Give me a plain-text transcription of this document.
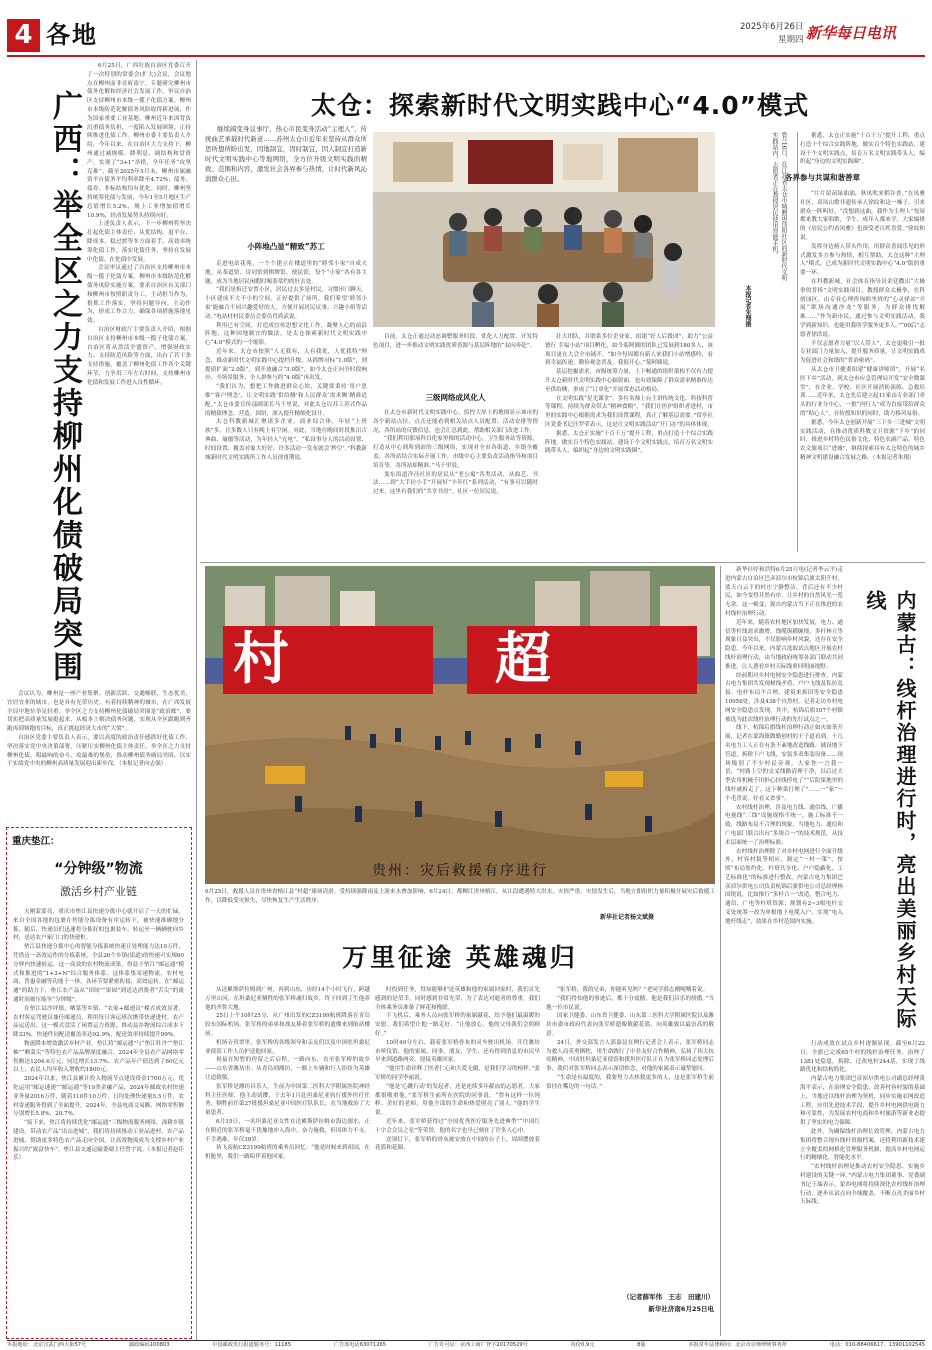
4 各地	2025年6月26日
星期四 新华每日电讯
广西：举全区之力支持柳州化债破局突围

6月25日，广西壮族自治区党委召开了一次特别的常委会(扩大)会议，会议地点在柳州而非首府南宁。专题研究柳州市债务化解和经济社会发展工作，审议自治区支持柳州市本级一揽子化债方案。柳州市本级防范化解债务风险取得新进展，作为国家重要工业基地，柳州近年来因背负沉重债务负担，一度陷入发展困境。正持续推进化债工作。柳州市委主要负责人介绍，今年以来，在自治区大力支持下，柳州通过减规模、降利息、调结构和盘资产，实现了“3+1”举措，全年任务“攻坚克难”。截至2025年5月末，柳州市属融资平台债务平均利率降至4.72%；债务、债券、非标结构均有优化。同时，柳州坚持统筹化债与发展，今年1至5月地区生产总值增长5.2%，规上工业增加值增长10.9%，经济发展势头持续向好。

上述负责人表示，下一步柳州将坚决扛起化债主体责任，从优结构、退平台、降成本、稳过渡等多方面着手，高效率统筹化债工作，落实化债任务，坚持在发展中化债、在化债中发展。

会议审议通过了自治区支持柳州市本级一揽子化债方案。柳州市本级防范化解债务风险实施方案，要求自治区有关部门和柳州市按照职责分工，主动担当作为，狠抓工作落实，坚持问题导向，主动作为，形成工作合力，确保各项措施落地见效。

自治区财政厅主要负责人介绍，根据自治区支持柳州市本级一揽子化债方案，自治区将从盘活全盟资产、增强财政实力、支持防范风险等方面，出台了若干条支持措施，覆盖了柳州化债工作各个关键环节，力争用三年左右时间，支持柳州市化债和发展工作进入良性循环。

会议认为，柳州是一座产业集聚、创新活跃、交通畅联、生态优美、宜居宜业的城市，也是具有光荣历史、有着持续精神的城市，在广西发展全局中地位举足轻重。举全区之力支持柳州化债破局突围是“政治账”，要切实把高质量发展挺起来，从根本上解决债务问题，实现从全区跟跑到齐跑再到领跑的目标，真正挑起经济大市的“大梁”。

自治区党委主要负责人表示，要以高度的政治责任感抓好化债工作，坚决落实党中央决策部署，压紧压实柳州化债主体责任，举全区之力支持柳州化债，唱最响的奋斗、攻最难的堡垒，推动柳州债务破局突围，以实干实绩党中央的柳州高质量发展迎出新步伐。（本报记者向志强）

重庆垫江：
“分钟级”物流
激活乡村产业链

天刚蒙蒙亮，重庆市垫江县快递分拨中心就开启了一天的忙碌。来自全国各地的包裹在智能分拣设备有序运转下，被快速准确地分拣。随后，快递员们迅速将分拣好的包裹装车，转运至一辆辆驶向乡村，送达农户家门口的快递柜。

垫江县快递分拨中心的智能分拣系统快速且处理能力达10万件，凭借这一高效运作的分拣系统，全县26个乡镇(街道)的快递可实现60分钟内快速转运，这一高效的农村物流成果，得益于垫江“邮运通”模式和推进的“1+3+N”综合服务体系。这体系集寄递物流、农村电商、普惠金融等功能于一体，各环节要紧密衔接，高效运转。在“邮运通”的助力下，垫江农产品从“田间”“果园”到送达消费者“舌尖”的流通时间被压缩至“分钟级”。

在垫江县沙坪镇，晒菜等乡镇，“农家+邮递员”模式成效显著。农村客运驾驶员兼任邮递员，利用每日客运班次携带快递进村，农产品运送出，这一模式盘活了闲置运力资源，推动县乡物流综合成本下降33%，快递件同配送覆盖率达92.9%，配送效率持续提升99%。

物流降本增效激活乡村产业。垫江将“邮运通”与“垫江牡丹”“垫江柚”“晒菜尖”等特色农产品品牌深度融合，2024年全县农产品网络零售额达1204.6万元，同比增长13.7%。农产品年产值达到了60亿元以上，农民人均年收入增收约1800元。

2024年以来，垫江县累计投入物流节点建设资金1700万元，优化运用“邮运速递”“邮运通”等19类金融产品，2024年邮政农村快递业务量2016万件，随着110件10万件，日均处理快递量5.5万件，农村寄递服务得到了全面提升。2024年，全县电商交易额、网络零售额分别增长5.8%、20.7%。

“接下来，垫江将持续优化“邮运通”三级物流服务网络，深耕乡镇建设，带动农产品“出山进城”，我们将持续推动工业品进村、农产品进城，帮助更多特色农产品走向全国，让高效物流成为支撑乡村产业振兴的“致富快车”。垫江县交通运输委副主任曾宇说。（本报记者赵佳乐）

太仓：探索新时代文明实践中心“4.0”模式

继续阔变身议事厅，热心市民变身活动“主理人”，传统曲艺承载时代新意……苏州太仓市近年来坚持从群众所思所想所盼出发，因地制宜，因时制宜，因人制宜打造新时代文明实践中心等地网络，全方位升级文明实践的精致、范围和内容，激发社会各界参与热情，让时代新风沁润群众心田。

小阵地凸显“精致”苏工

走进电站花苑，一个个建立在楼道里的“睦邻小家”自成天地。从茶道馆、诗词馆到棋牌馆，便民馆，每个“小家”各有各主题，成为当地居民闲暇时喝茶常约的好去处。

“我们是拆迁安置小区，居民过去多是村民，习惯串门聊天。小区建成不大不小的空间，正好提供了场所。我们希望‘睦邻小家’能融合不同兴趣爱好的人，方便开展居民议事、兴趣小组等活动。”电站村村民委员会委员肖鸿武说。

利用已有空间，打造成宜传思想文化工作，凝聚人心的前沿阵地，这种因地制宜的做法，是太仓探索新时代文明实践中心“4.0”模式的一个缩影。

近年来，太仓市按照“人无我有，人有我优，人优我特”理念，推动新时代文明实践中心提档升级，从抓牌对标“1.0版”，到提质扩面“2.0版”，到开放融合“3.0版”，如今太仓正向全时段响应、全场景服务、全人群参与的“4.0版”再出发。

“我们认为，想把工作做进群众心坎，关键要秉持‘用户思维’‘客户理念’，让文明实践‘供给侧’和人民群众‘需求侧’精准适配。”太仓市委宣传部副部长马千里说，对此太仓以苏工苏式作品的精致理念，营造、围饼，深入提升精细化设计。

太仓科教新城汇聚诸多企业，商业综合体，年轻“上班族”多，且多数人只有晚上有空闲。对此，当地在晚间时段推出古典曲、瑜伽等活动，为年轻人“充电”。“私设事分人的活动设置、时间设置、覆盖对象大好好，许多活动一发布就会‘秒空’。”科教新城新时代文明实践所工作人员徐甫荆说。

6月16日，在江苏省太仓市城厢镇伟阳社区的新时代文明实践站内，志愿者正在教授居民使用智能手机。
本报记者朱翔摄

目前，太仓正通过动态调整服务时段、优化人力配置、开发特色项目，进一步推动文明实践优质资源与基层阵地的“双向奔赴”。

三级网络成风化人

在太仓市新时代文明实践中心，监控大屏上的地图显示该市的各个新站点位，点击还能看到相关站点人员配置、活动安排等情况，各所站的反馈信息，也会汇总到此，帮助相关部门改进工作。

“我们利用那项科目化家里推的活动中心，卫生服务站等资源，打造从中心到所到站的三级网络，实现对全市各街道、乡镇全覆盖，各所站结合实际开展工作，市级中心主要负责活动指导和项目培育等，各所站却精准。”马千里说。

娄东街道洋泾社区的居民从“老公寓”各类活动，从曲艺、书法……到“大手拉小手”开展好“丰年红”系列活动，“有事可以随时过来，这里有我们的“共享书房”。社区一位居民说。

壮大团队，并联系多位企业家，组建“好人后援团”，助力“公益德行 幸福小站”项目孵化，如今菊阿姨的团队已发展到180多人，该项目更在大会全市铺开。“如今每周都有新人来我们小站增感吟，看到幸福传递、勤俭观念普及，我很开心。”菊阿姨说。

基层挖掘需求，市级统筹力量，上下畅通的组织架构不仅有力提升太仓新时代文明实践中心辐射面，也有效保障了群众需求精准传达至供给侧，形成了“订单化”开展常态活动格局。

在文明实践“星光课堂”，多位名师上台主讲传统文化、科技科普等课程，持续为群众带去“精神食粮”。“我们让医护组织者进村，市里的实践中心根据需求为我们设置课程，真正了解基层需要。”常亭社区党委书记汪罗荣表示，这是让文明实践活动“开门办”的具体体现。

据悉，太仓正实施“十百千万”提升工程，重点打造十个综合实践阵地，做实百个特色实践站，建设千个文明实践点，培育万名文明实践带头人，编织起“身边的文明实践圈”。

各界参与共谋和谐善章

据悉，太仓正实施“十百千万”提升工程，重点打造十个综合实践阵地，做实百个特色实践站，建设千个文明实践点，培育万名文明实践带头人，编织起“身边的文明实践圈”。

“片片留苗绿油油，秋风吹来稻谷香。”在凤雅社区，双凤山歌非遗传承人徐纹和这一嗓子，引来群众一阵叫好，“没想到这曲，我作为主理人”每周都来教大家唱歌，学生、成年人都来学，大家编排的《居民公约看凤雅》也深受老百姓喜爱。”徐纹和说。

发挥身边榜人带头作用，用群众喜闻乐见的形式激发多方参与热情，相互帮助，太仓这种“主理人”模式，已成为新时代文明实践中心“4.0”版的重要一环。

在科教新城，社会体育指导员金廷撒出“大极拳的普拆”文明实践项目，教授群众太极拳，在科创园区，由专业心理咨询师坐班的“心灵驿站”开展“职场沟通沙龙”等服务，为群众排忧解难……“作为新市民，通过参与文明实践活动，我学到新知识，也能用我所学服务更多人。”“00后”志愿者徐浩说。

不仅志愿者力量“以人带人”，太仓更吸引一批专业部门力量加入，提升服务质量，让文明实践成为促进社会和谐的“普治密码”。

从太仓市卫健委组建“健康讲师团”，开展“名医下乡”活动，到太仓市应急管理局开发“安全微课堂”，在企业、学校、社区开展消防演练、急救培训……近年来，太仓先后建立起11家由专业部门牵头的行业分中心，一批“内行人”成为直接带给群众的“贴心人”，在传授知识的同时，助力移风易俗。

据悉，今年太仓创新开展“三下乡·三进城”文明实践活动，在推动优质科教文卫资源“下乡”的同时，推进乡村特色民俗文化、特色农副产品、特色农文旅项目“进城”，继续探索具有太仓特色的城乡精神文明建设融合发展之路。（本报记者朱翔）

村	超
贵州：灾后救援有序进行
6月25日，救援人员在贵州省榕江县“村超”球场清淤。受持续强降雨及上游来水叠加影响，6月24日，都柳江贵州榕江，从江段遭遇特大洪水，灾情严重。灾情发生后，当地立即组织力量积极开展灾后救援工作，以降低受灾损失，尽快恢复生产生活秩序。
新华社记者杨文斌摄

新华社呼和浩特6月25日电(记者李云平)走进内蒙古自治区巴彦淖尔市杭锦后旗太阳升村，蓝天白云下的村庄宁静整洁，背后还有不少村民，如今变得井然有序，让乡村的自然风光一览无余。这一蜕变，源自内蒙古当下正在推进的农村线杆治理行动。

近年来，随着农村地区加快发展，电力、通信等杆线需求激增，线缆纵横缠绕，多杆林立等现象日益突出，不仅影响乡村风貌，还存在安全隐患。今年以来，内蒙古选取试点地区开展农村线杆治理行动，由当地政府统筹各部门联动共同推进，让人透看乡村天际线重回明丽视野。

经前期对乡村电网安全隐患进行排查，内蒙古电力集团共发现树线矛盾、户户飞线及私拉乱接、电杆布局不合理、建筑来拆旧等安全隐患10956处，涉及438个自然村。记者走访乡村电网安全隐患点发现，其中，杭锦后旗107个村镇被选为此次线杆治理行动的先行试点之一。

线下，杭锦后旗线杆治理行动正如火如荼开展，记者在蒙海镇做勤创村的王子道看到，十几名电力工人正在有条不紊地改造线路，铺设地下管道，拆除下户飞线，安装多表集装设备……现场级别了不少村民旁观。大家你一言我一语，“村路上空的交叉线路清理干净，以后过大型农用机械不用担心挂线停电了”“后院果地里的线杆被拆走了，这下种菜打理了”……一“家”一个毛喜说，好看又省事”。

农村线杆治理，涉及电力线、通信线、广播电视线“三线”设施规格不统一，施工标准不一致，线路布局不合理的现象，当地电力、通信和广电部门联合出台“多规合一”的技术规范，从技术层面统一了治理标准。

农村线杆治理除了对乡村电网进行全面升级外，村容村貌等相应，制定“一村一策”，按照“布局集约化、杆塔共享化、户户隐蔽化、工艺标准化”的标准进行整改。内蒙古电力集团巴彦淖尔供电公司负责杭锦后旗供电公司总经理杨国锐说，比如推行“多杆合一”改造，整合电力、通信、广电等杆塔资源；规划有2~3根电杆交叉处统筹一改为单根地下电缆入户，实现“电入地杆线走”，效果在乡村范围内实施。	内蒙古：线杆治理进行时，亮出美丽乡村天际线

行动成效在试点乡村逐渐显现。截至6月22日，全旗已完成65个村的线杆治理任务，治理了1381处隐患，拆除、迁改电杆244基，实现了线路优化和结构简化。

内蒙古电力集团巴彦淖尔供电公司副总经理黄海平表示，在治理安全隐患、改善村容村貌的基础上，当地还以线杆治理为契机，同步实施农网改造工程，应用先进技术手段，提升乡村电网供电能力和可靠性，为发展农村电商和乡村旅游等新业态提供了坚实的电力保障。

此外，为确保线杆治理长效管理，内蒙古电力集团将整合现有线杆资源档案，还将利用新技术建立全覆盖的网格化管理服务机制，提高乡村电网运行的精细化、智能化水平。

“农村线杆治理是推动农村安全隐患、实施乡村建设的关键一环。”内蒙古电力集团董事、党委副书记王瑞表示，蒙西电网将持续深化农村线杆治理行动，逐步从试点向全域覆盖，不断点亮美丽乡村天际线。

万里征途 英雄魂归

从达累斯萨拉姆到广州，再到山东，历经14个小时飞行，跨越万里山河，在坦桑尼亚牺牲的张军桥魂归故乡，终于回到了生他养他的齐鲁大地。

25日上午10时25分，从广州出发的CZ3199航班降落在青岛胶东国际机场，张军桥的弟弟和战友捧着张军桥的遗像来到航站楼前。

机场旁青翠里，张军桥的各级领导和亲友们以及中国驻坦桑尼亚使馆工作人员护送他回家。

祝福在短暂的停留之后启程，一路向东，直至张军桥的故乡——山东省潍坊市。从青岛到潍坊，一路上车辆和行人纷纷为英雄让道致敬。

张军桥是潍坊昌乐人，生前为中国第二医科大学附属医院神经科主任医师，他主动请缨，于去年1月赴坦桑尼亚执行援外医疗任务，牺牲前任第27批援坦桑尼亚中国医疗队队长，在当地救治了大量患者。

6月15日，一名坦桑尼亚女性在达累斯萨拉姆市海边溺水，正在附近的张军桥毫不犹豫地冲入海中，奋力施救，但因体力不支，不幸遇难，年仅38岁。

执飞南航CZ3199航班的乘务员回忆：“他是时候来到祖国，在机舱里，我们一路陪伴着他回家。

时投到任务，得知能够护送英雄和他的家属回家时，我们首先感到的是荣幸，同时感到非常光荣，为了表达对逝者的尊重，我们全体乘务员准备了鲜花和挽联。

下飞机后，乘务人员向张军桥的家属献花，给予他们最温暖的安慰。我们希望让他一路走好。“让他放心，他的父母我们会照顾好。”

10时40分左右，载着张军桥骨灰的灵车驶出机场，开往潍坊市殡仪馆，他的家属、同事、朋友、学生、还有得到消息的市民早早来到道路两旁，迎接英雄回家。

“他用生命诠释了医者仁心和大爱无疆，是我们学习的榜样。”张军桥的同学李丽说。

“他是‘心跳行动’的发起者，还是连续多年献血的志愿者，大家都很敬重他。”张军桥生前所在医院的同事说。“曾有这样一位纯粹、美好的老师，用他全部的生命和热爱照亮了别人。”他的学生说。

近年来，张军桥获得过“全国优秀医疗服务先进典型”“中国红十字会会员之星”等荣誉，他的名字也早已刻在了许多人心中。

送别灯下，张军桥的骨灰被安放在中间的台子上，周围摆放着花篮和花圈。

“张军桥，我的兄弟，你能听见吗？”老同学薛志刚哽咽着说。

“我们得知他的事迹后，都十分震撼，他是我们昌乐的骄傲。”当地一位市民说。

国家卫健委、山东省卫健委、山东第二医科大学附属医院以及潍坊市委市政府代表向张军桥遗像敬献花篮，向英雄致以最崇高的敬意。

24日，外交部发言人郭嘉昆在例行记者会上表示，张军桥同志为救人而英勇牺牲，用生命践行了中非友好合作精神，弘扬了伟大抗疫精神，中国驻坦桑尼亚使馆和援坦医疗队正在为张军桥同志处理后事，我们对张军桥同志表示深切悼念，对他的家属表示诚挚慰问。

“生命是有温度的，我要努力去拯救更多的人，这是张军桥生前常挂在嘴边的一句话。”

（记者薛军伟　王志　田建川）
新华社济南6月25日电
本报地址：北京宣武门西大街57号	邮政编码100803	中国邮政发行报道服务号：11185	广告部电话63071265	广告许可证：京西工商广登字20170529号	每份0.9元	8版	本报常年法律顾问：北京市京师律师事务所	电话：010-88406617、13901102545
